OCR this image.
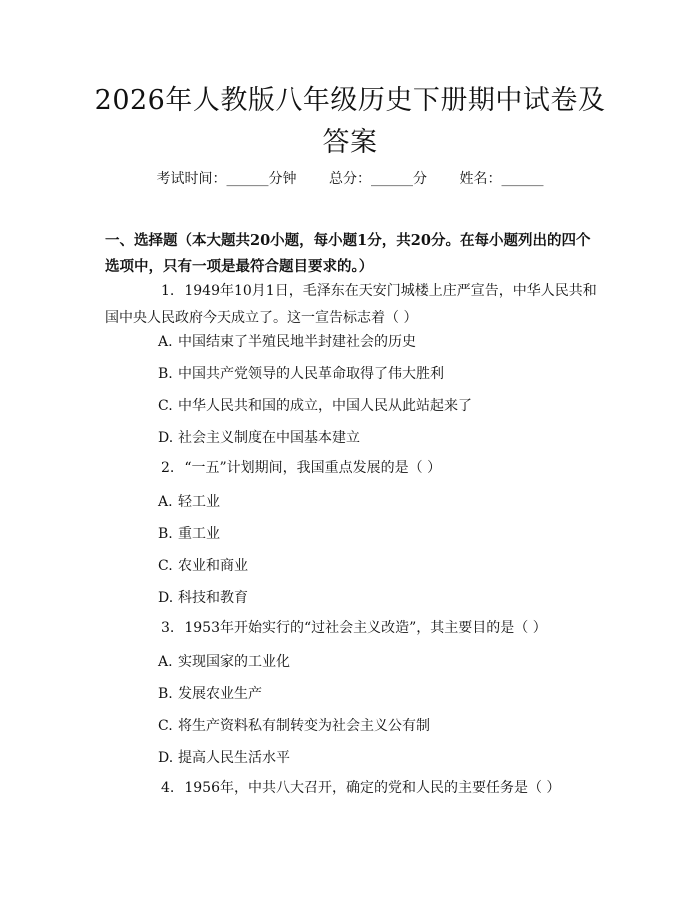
2026年人教版八年级历史下册期中试卷及答案
考试时间：______分钟 总分：______分 姓名：______
一、选择题（本大题共20小题，每小题1分，共20分。在每小题列出的四个选项中，只有一项是最符合题目要求的。）
1. 1949年10月1日，毛泽东在天安门城楼上庄严宣告，中华人民共和国中央人民政府今天成立了。这一宣告标志着（ ）
A. 中国结束了半殖民地半封建社会的历史
B. 中国共产党领导的人民革命取得了伟大胜利
C. 中华人民共和国的成立，中国人民从此站起来了
D. 社会主义制度在中国基本建立
2. “一五”计划期间，我国重点发展的是（ ）
A. 轻工业
B. 重工业
C. 农业和商业
D. 科技和教育
3. 1953年开始实行的“过社会主义改造”，其主要目的是（ ）
A. 实现国家的工业化
B. 发展农业生产
C. 将生产资料私有制转变为社会主义公有制
D. 提高人民生活水平
4. 1956年，中共八大召开，确定的党和人民的主要任务是（ ）
